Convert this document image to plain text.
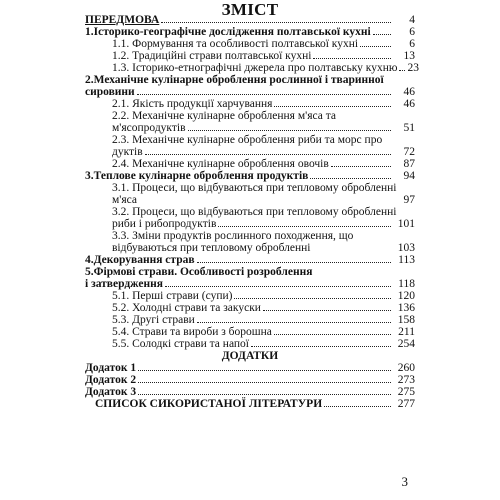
ЗМІСТ
ПЕРЕДМОВА	4
1.Історико-географічне дослідження полтавської кухні	6
1.1. Формування та особливості полтавської кухні	6
1.2. Традиційні страви полтавської кухні	13
1.3. Історико-етнографічні джерела про полтавську кухню 23
2.Механічне кулінарне оброблення рослинної і тваринної
сировини	46
2.1. Якість продукції харчування	46
2.2. Механічне кулінарне оброблення м'яса та
м'ясопродуктів	51
2.3. Механічне кулінарне оброблення риби та морс про
дуктів	72
2.4. Механічне кулінарне оброблення овочів	87
3.Теплове кулінарне оброблення продуктів	94
3.1. Процеси, що відбуваються при тепловому обробленні
м'яса	97
3.2. Процеси, що відбуваються при тепловому обробленні
риби і рибопродуктів	101
3.3. Зміни продуктів рослинного походження, що
відбуваються при тепловому обробленні	103
4.Декорування страв	113
5.Фірмові страви. Особливості розроблення
і затвердження	118
5.1. Перші страви (супи)	120
5.2. Холодні страви та закуски	136
5.3. Другі страви	158
5.4. Страви та вироби з борошна	211
5.5. Солодкі страви та напої	254
ДОДАТКИ
Додаток 1	260
Додаток 2	273
Додаток 3	275
СПИСОК СИКОРИСТАНОЇ ЛІТЕРАТУРИ	277
3
